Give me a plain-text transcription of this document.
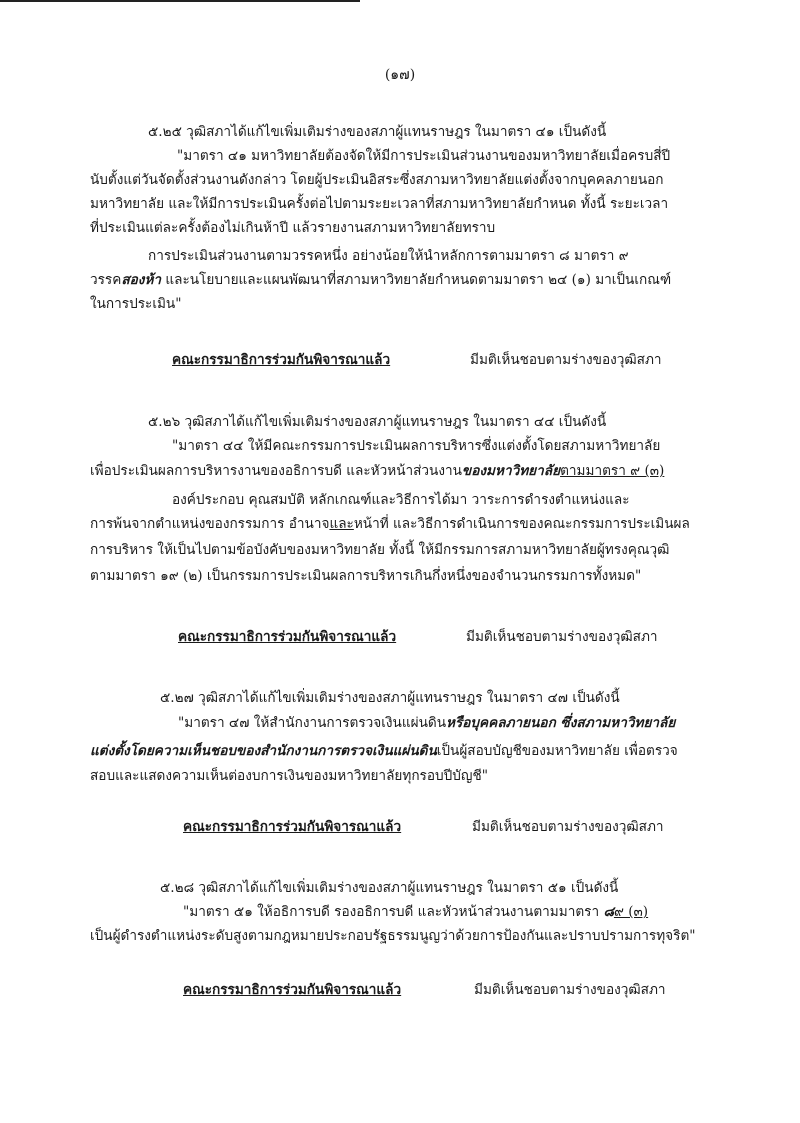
(๑๗)
๕.๒๕ วุฒิสภาได้แก้ไขเพิ่มเติมร่างของสภาผู้แทนราษฎร ในมาตรา ๔๑ เป็นดังนี้
"มาตรา ๔๑ มหาวิทยาลัยต้องจัดให้มีการประเมินส่วนงานของมหาวิทยาลัยเมื่อครบสี่ปี
นับตั้งแต่วันจัดตั้งส่วนงานดังกล่าว โดยผู้ประเมินอิสระซึ่งสภามหาวิทยาลัยแต่งตั้งจากบุคคลภายนอก
มหาวิทยาลัย และให้มีการประเมินครั้งต่อไปตามระยะเวลาที่สภามหาวิทยาลัยกำหนด ทั้งนี้ ระยะเวลา
ที่ประเมินแต่ละครั้งต้องไม่เกินห้าปี แล้วรายงานสภามหาวิทยาลัยทราบ
การประเมินส่วนงานตามวรรคหนึ่ง อย่างน้อยให้นำหลักการตามมาตรา ๘ มาตรา ๙
วรรคสองห้า และนโยบายและแผนพัฒนาที่สภามหาวิทยาลัยกำหนดตามมาตรา ๒๔ (๑) มาเป็นเกณฑ์
ในการประเมิน"
คณะกรรมาธิการร่วมกันพิจารณาแล้ว	มีมติเห็นชอบตามร่างของวุฒิสภา
๕.๒๖ วุฒิสภาได้แก้ไขเพิ่มเติมร่างของสภาผู้แทนราษฎร ในมาตรา ๔๔ เป็นดังนี้
"มาตรา ๔๔ ให้มีคณะกรรมการประเมินผลการบริหารซึ่งแต่งตั้งโดยสภามหาวิทยาลัย
เพื่อประเมินผลการบริหารงานของอธิการบดี และหัวหน้าส่วนงานของมหาวิทยาลัยตามมาตรา ๙ (๓)
องค์ประกอบ คุณสมบัติ หลักเกณฑ์และวิธีการได้มา วาระการดำรงตำแหน่งและ
การพ้นจากตำแหน่งของกรรมการ อำนาจและหน้าที่ และวิธีการดำเนินการของคณะกรรมการประเมินผล
การบริหาร ให้เป็นไปตามข้อบังคับของมหาวิทยาลัย ทั้งนี้ ให้มีกรรมการสภามหาวิทยาลัยผู้ทรงคุณวุฒิ
ตามมาตรา ๑๙ (๒) เป็นกรรมการประเมินผลการบริหารเกินกึ่งหนึ่งของจำนวนกรรมการทั้งหมด"
คณะกรรมาธิการร่วมกันพิจารณาแล้ว	มีมติเห็นชอบตามร่างของวุฒิสภา
๕.๒๗ วุฒิสภาได้แก้ไขเพิ่มเติมร่างของสภาผู้แทนราษฎร ในมาตรา ๔๗ เป็นดังนี้
"มาตรา ๔๗ ให้สำนักงานการตรวจเงินแผ่นดินหรือบุคคลภายนอก ซึ่งสภามหาวิทยาลัย
แต่งตั้งโดยความเห็นชอบของสำนักงานการตรวจเงินแผ่นดินเป็นผู้สอบบัญชีของมหาวิทยาลัย เพื่อตรวจ
สอบและแสดงความเห็นต่องบการเงินของมหาวิทยาลัยทุกรอบปีบัญชี"
คณะกรรมาธิการร่วมกันพิจารณาแล้ว	มีมติเห็นชอบตามร่างของวุฒิสภา
๕.๒๘ วุฒิสภาได้แก้ไขเพิ่มเติมร่างของสภาผู้แทนราษฎร ในมาตรา ๕๑ เป็นดังนี้
"มาตรา ๕๑ ให้อธิการบดี รองอธิการบดี และหัวหน้าส่วนงานตามมาตรา ๘๙ (๓)
เป็นผู้ดำรงตำแหน่งระดับสูงตามกฎหมายประกอบรัฐธรรมนูญว่าด้วยการป้องกันและปราบปรามการทุจริต"
คณะกรรมาธิการร่วมกันพิจารณาแล้ว	มีมติเห็นชอบตามร่างของวุฒิสภา
